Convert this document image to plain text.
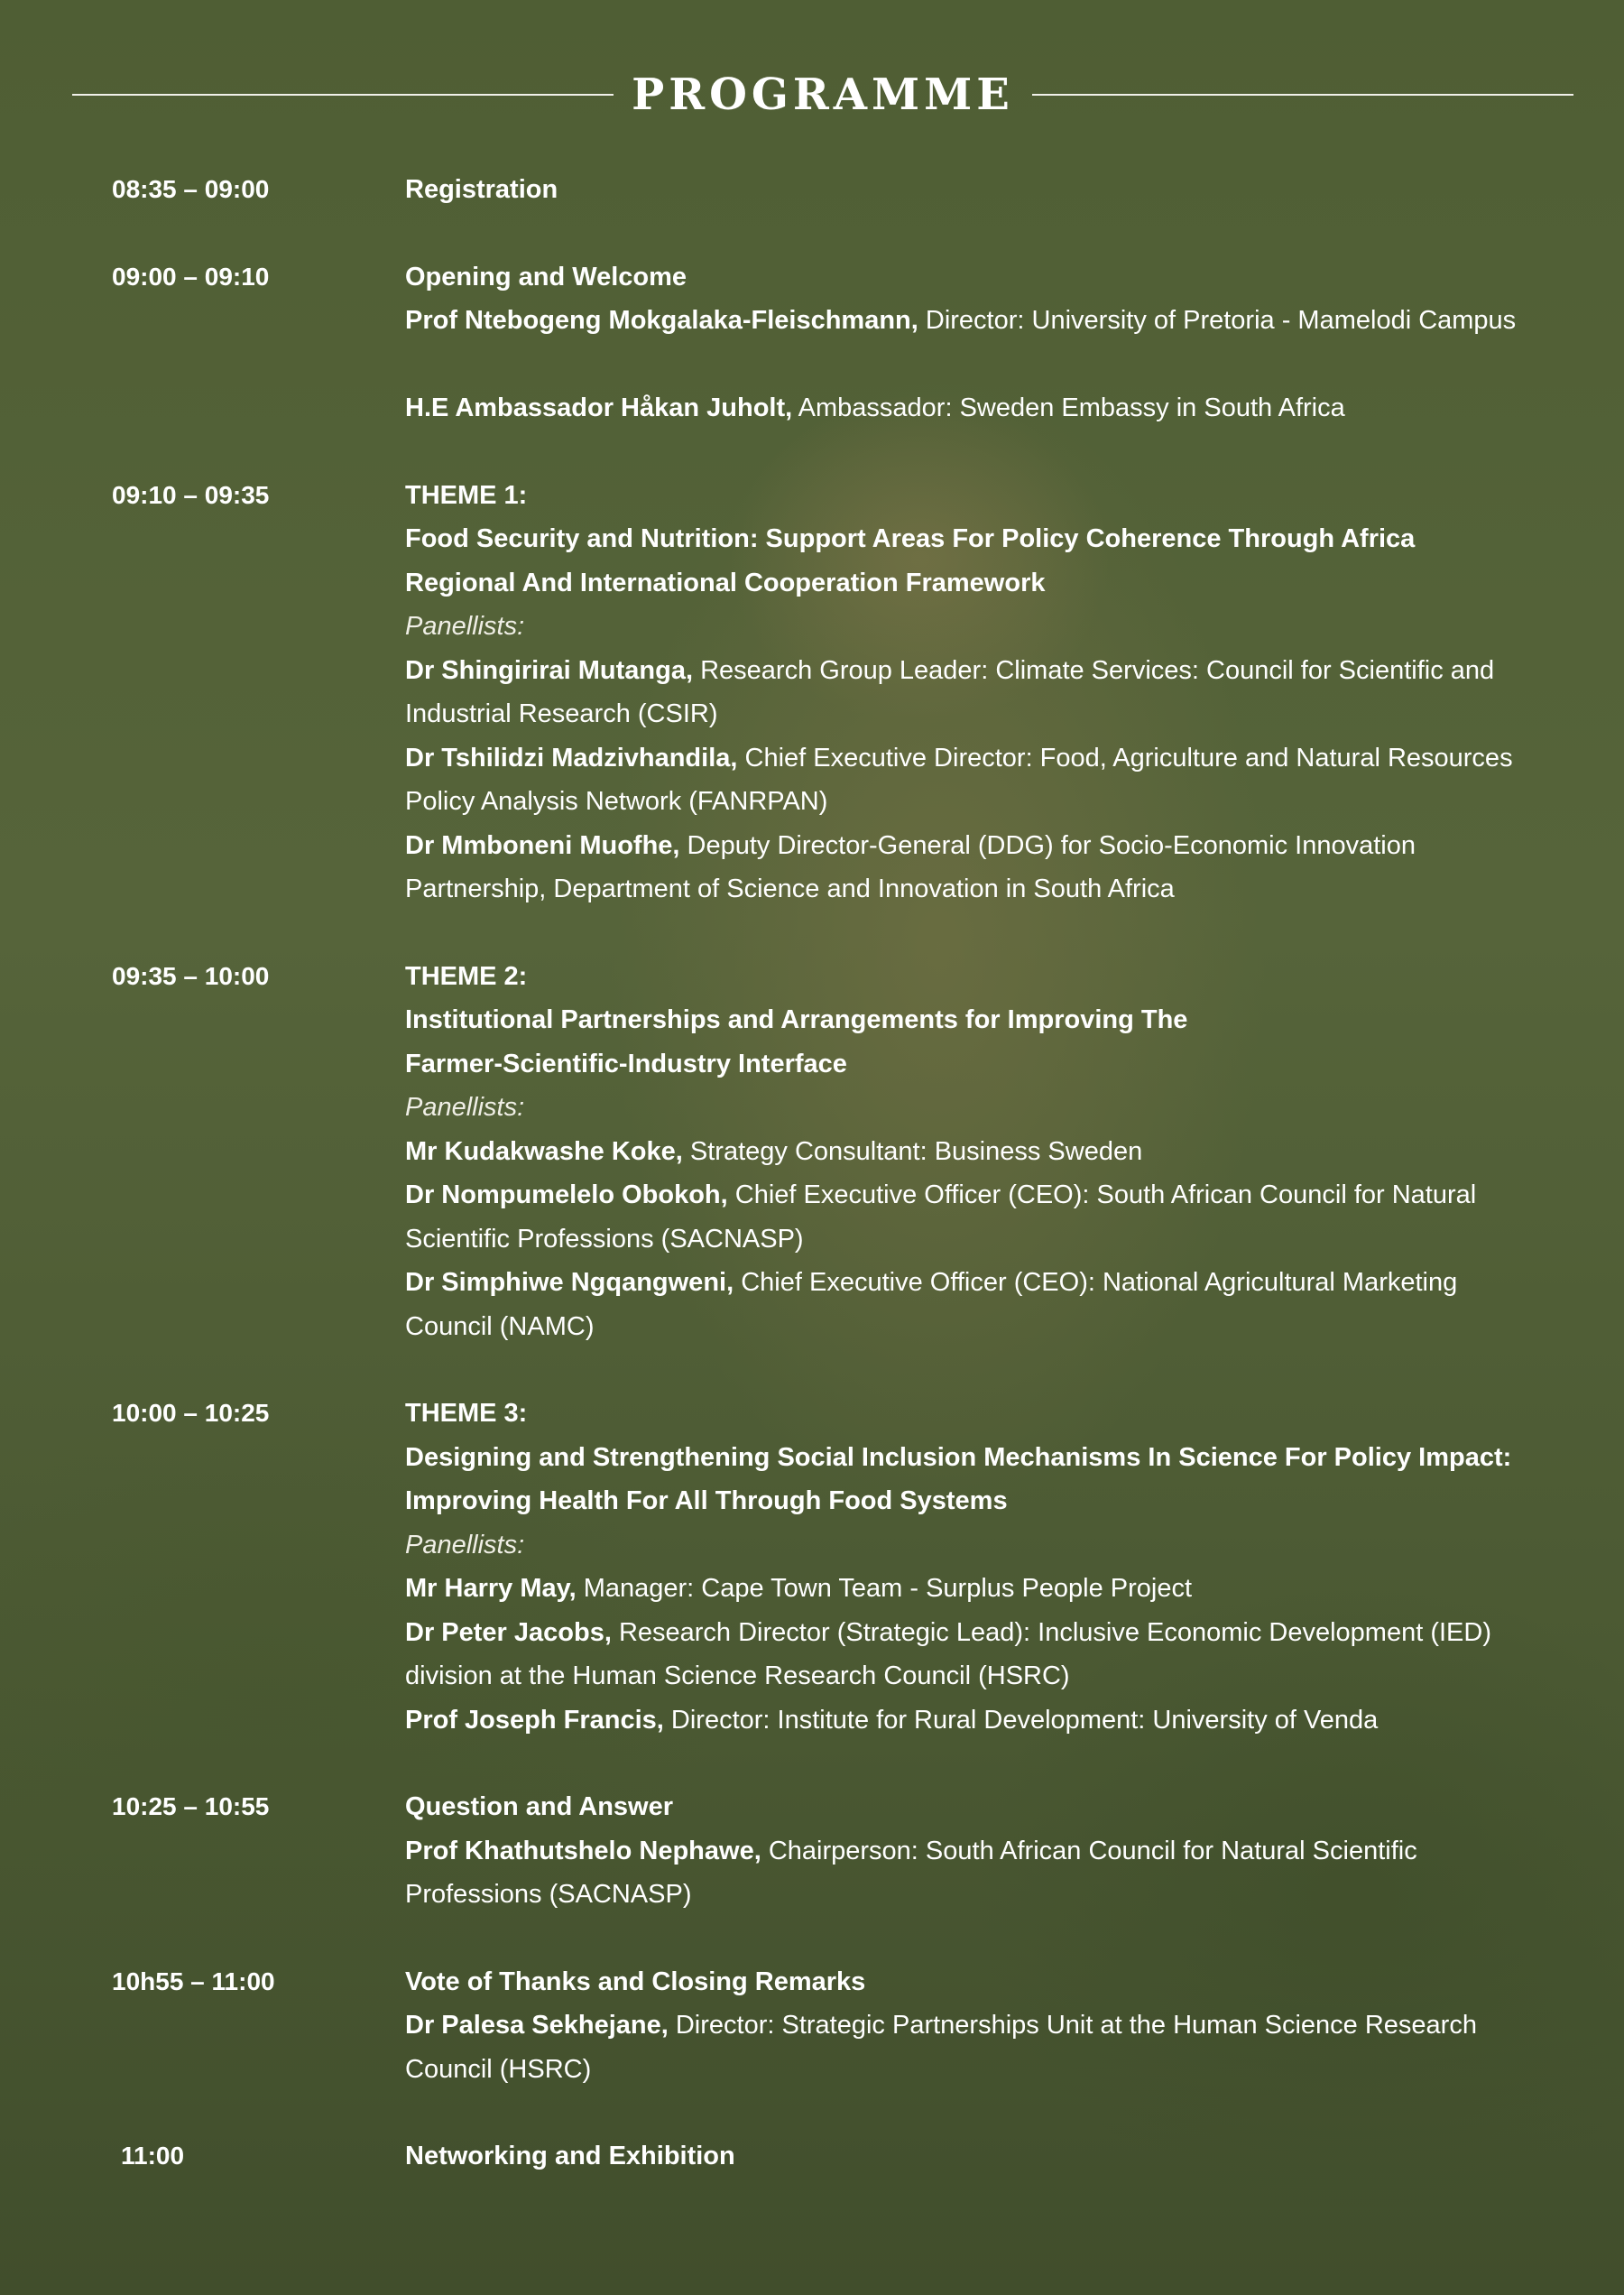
PROGRAMME
08:35 – 09:00	Registration
09:00 – 09:10	Opening and Welcome
Prof Ntebogeng Mokgalaka-Fleischmann, Director: University of Pretoria - Mamelodi Campus
H.E Ambassador Håkan Juholt, Ambassador: Sweden Embassy in South Africa
09:10 – 09:35	THEME 1:
Food Security and Nutrition: Support Areas For Policy Coherence Through Africa
Regional And International Cooperation Framework
Panellists:
Dr Shingirirai Mutanga, Research Group Leader: Climate Services: Council for Scientific and Industrial Research (CSIR)
Dr Tshilidzi Madzivhandila, Chief Executive Director: Food, Agriculture and Natural Resources Policy Analysis Network (FANRPAN)
Dr Mmboneni Muofhe, Deputy Director-General (DDG) for Socio-Economic Innovation Partnership, Department of Science and Innovation in South Africa
09:35 – 10:00	THEME 2:
Institutional Partnerships and Arrangements for Improving The
Farmer-Scientific-Industry Interface
Panellists:
Mr Kudakwashe Koke, Strategy Consultant: Business Sweden
Dr Nompumelelo Obokoh, Chief Executive Officer (CEO): South African Council for Natural Scientific Professions (SACNASP)
Dr Simphiwe Ngqangweni, Chief Executive Officer (CEO): National Agricultural Marketing Council (NAMC)
10:00 – 10:25	THEME 3:
Designing and Strengthening Social Inclusion Mechanisms In Science For Policy Impact:
Improving Health For All Through Food Systems
Panellists:
Mr Harry May, Manager: Cape Town Team - Surplus People Project
Dr Peter Jacobs, Research Director (Strategic Lead): Inclusive Economic Development (IED) division at the Human Science Research Council (HSRC)
Prof Joseph Francis, Director: Institute for Rural Development: University of Venda
10:25 – 10:55	Question and Answer
Prof Khathutshelo Nephawe, Chairperson: South African Council for Natural Scientific Professions (SACNASP)
10h55 – 11:00	Vote of Thanks and Closing Remarks
Dr Palesa Sekhejane, Director: Strategic Partnerships Unit at the Human Science Research Council (HSRC)
11:00	Networking and Exhibition
